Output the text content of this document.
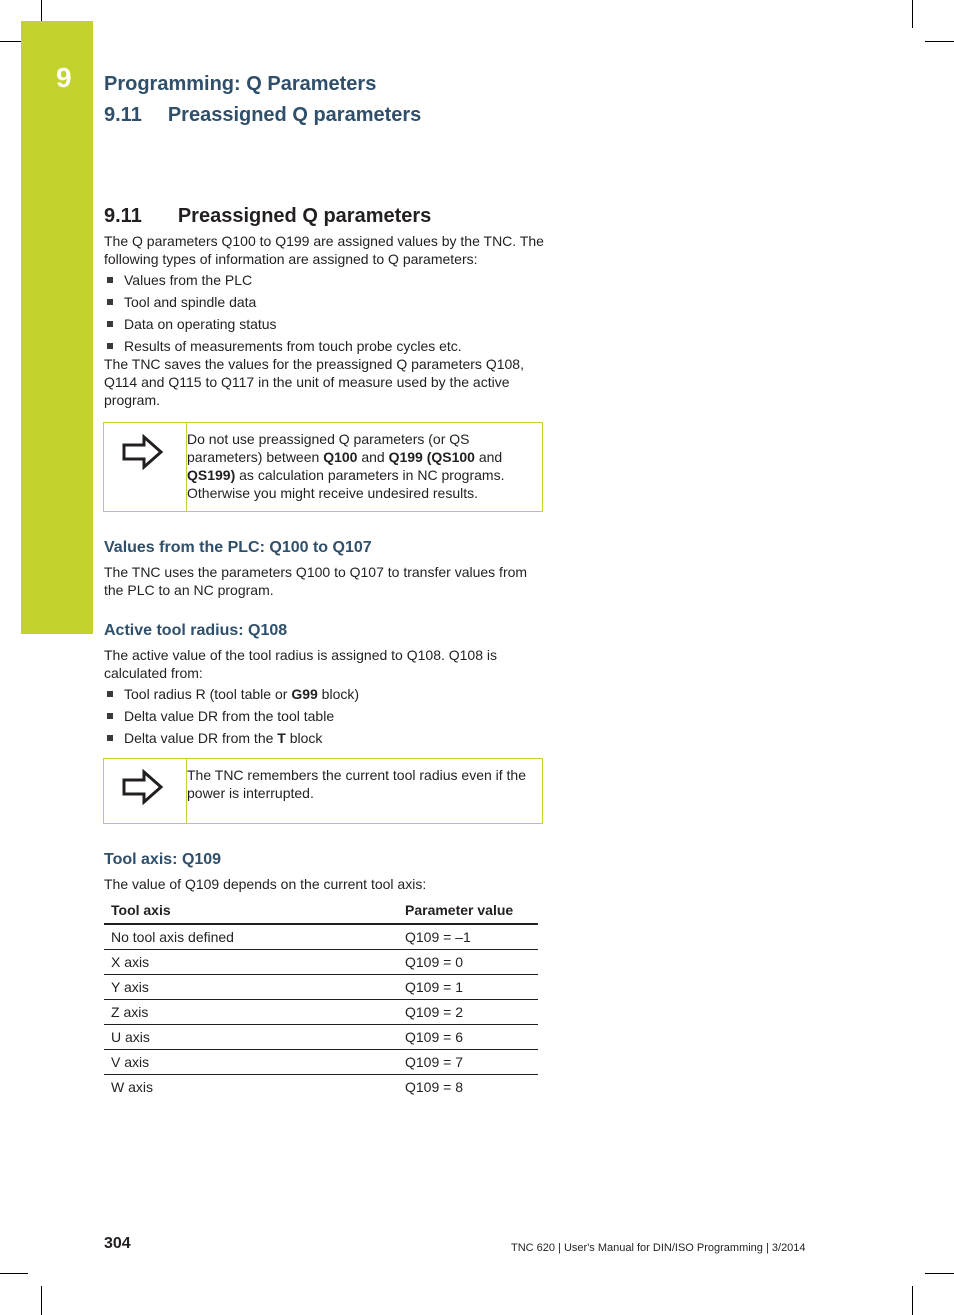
9 Programming: Q Parameters
9.11 Preassigned Q parameters
9.11 Preassigned Q parameters

The Q parameters Q100 to Q199 are assigned values by the TNC. The following types of information are assigned to Q parameters:

Values from the PLC
Tool and spindle data
Data on operating status
Results of measurements from touch probe cycles etc.

The TNC saves the values for the preassigned Q parameters Q108, Q114 and Q115 to Q117 in the unit of measure used by the active program.

Do not use preassigned Q parameters (or QS parameters) between Q100 and Q199 (QS100 and QS199) as calculation parameters in NC programs. Otherwise you might receive undesired results.
Values from the PLC: Q100 to Q107

The TNC uses the parameters Q100 to Q107 to transfer values from the PLC to an NC program.

Active tool radius: Q108

The active value of the tool radius is assigned to Q108. Q108 is calculated from:

Tool radius R (tool table or G99 block)
Delta value DR from the tool table
Delta value DR from the T block
The TNC remembers the current tool radius even if the power is interrupted.
Tool axis: Q109

The value of Q109 depends on the current tool axis:

Tool axis	Parameter value
No tool axis defined	Q109 = –1
X axis	Q109 = 0
Y axis	Q109 = 1
Z axis	Q109 = 2
U axis	Q109 = 6
V axis	Q109 = 7
W axis	Q109 = 8
304	TNC 620 | User's Manual for DIN/ISO Programming | 3/2014
